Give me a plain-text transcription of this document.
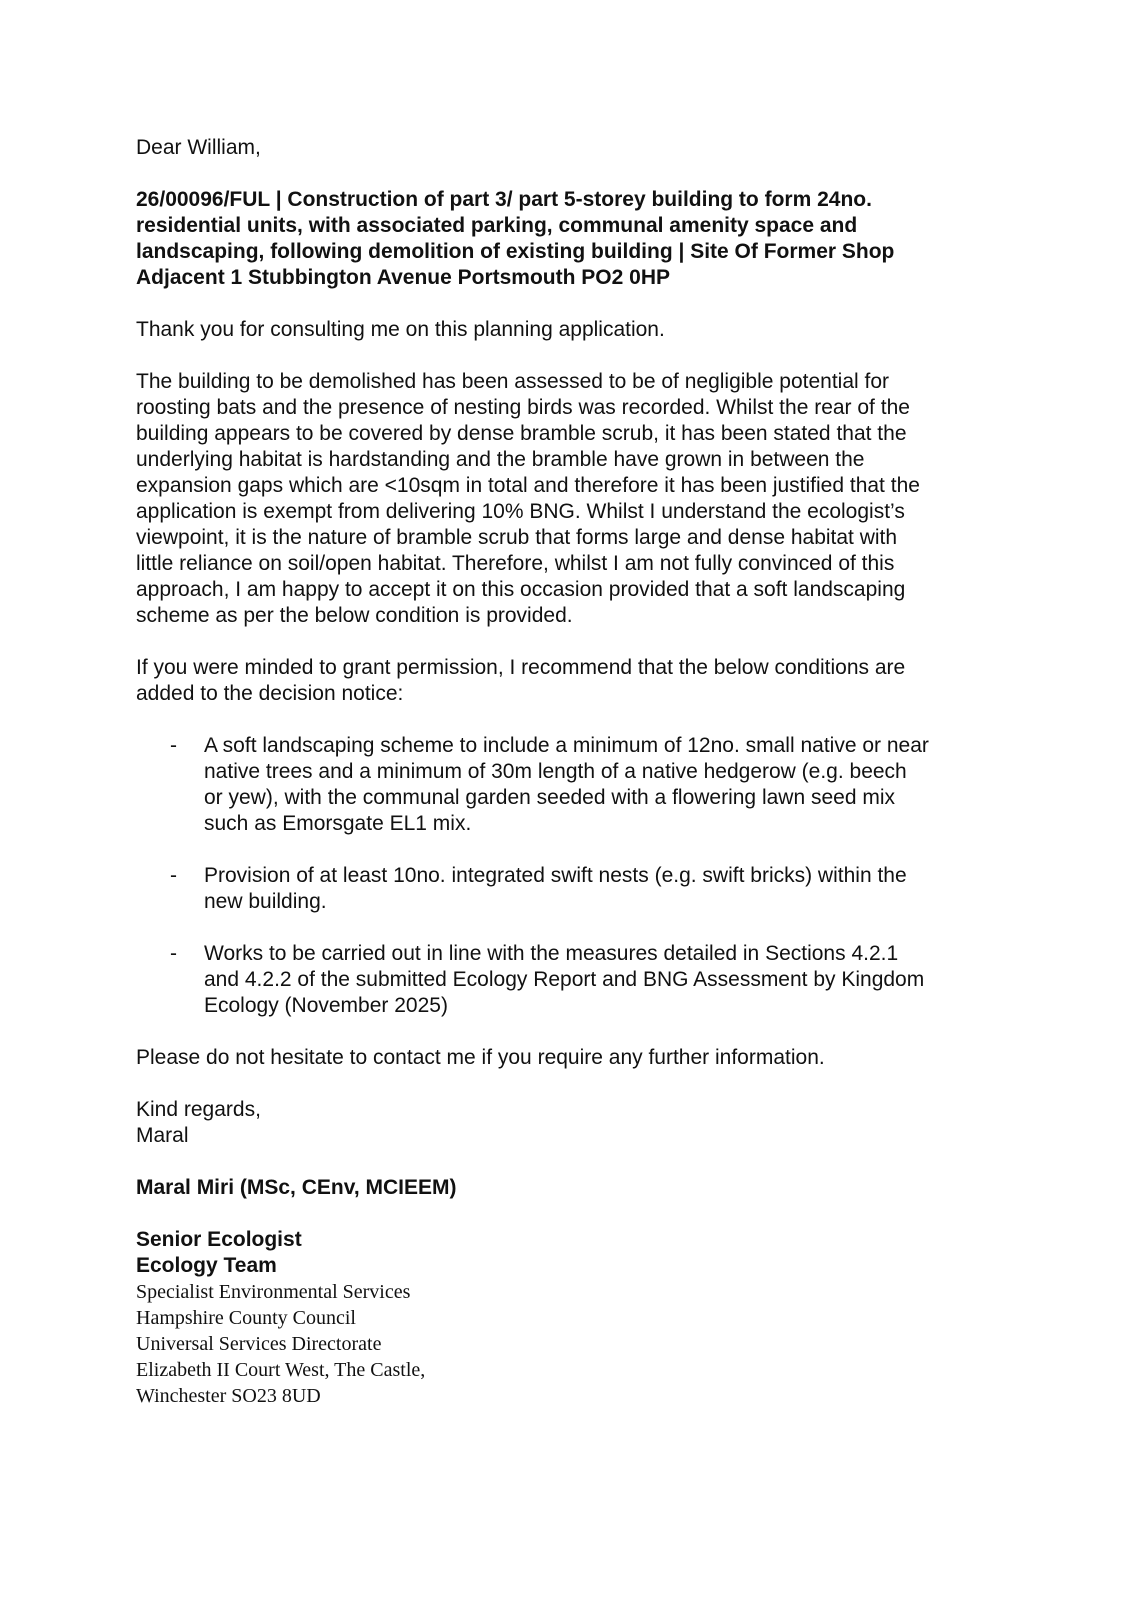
Dear William,

26/00096/FUL | Construction of part 3/ part 5-storey building to form 24no.
residential units, with associated parking, communal amenity space and
landscaping, following demolition of existing building | Site Of Former Shop
Adjacent 1 Stubbington Avenue Portsmouth PO2 0HP

Thank you for consulting me on this planning application.

The building to be demolished has been assessed to be of negligible potential for
roosting bats and the presence of nesting birds was recorded. Whilst the rear of the
building appears to be covered by dense bramble scrub, it has been stated that the
underlying habitat is hardstanding and the bramble have grown in between the
expansion gaps which are <10sqm in total and therefore it has been justified that the
application is exempt from delivering 10% BNG. Whilst I understand the ecologist’s
viewpoint, it is the nature of bramble scrub that forms large and dense habitat with
little reliance on soil/open habitat. Therefore, whilst I am not fully convinced of this
approach, I am happy to accept it on this occasion provided that a soft landscaping
scheme as per the below condition is provided.

If you were minded to grant permission, I recommend that the below conditions are
added to the decision notice:

- A soft landscaping scheme to include a minimum of 12no. small native or near
native trees and a minimum of 30m length of a native hedgerow (e.g. beech
or yew), with the communal garden seeded with a flowering lawn seed mix
such as Emorsgate EL1 mix.
- Provision of at least 10no. integrated swift nests (e.g. swift bricks) within the
new building.
- Works to be carried out in line with the measures detailed in Sections 4.2.1
and 4.2.2 of the submitted Ecology Report and BNG Assessment by Kingdom
Ecology (November 2025)

Please do not hesitate to contact me if you require any further information.

Kind regards,
Maral

Maral Miri (MSc, CEnv, MCIEEM)

Senior Ecologist

Ecology Team

Specialist Environmental Services
Hampshire County Council
Universal Services Directorate
Elizabeth II Court West, The Castle,
Winchester SO23 8UD
